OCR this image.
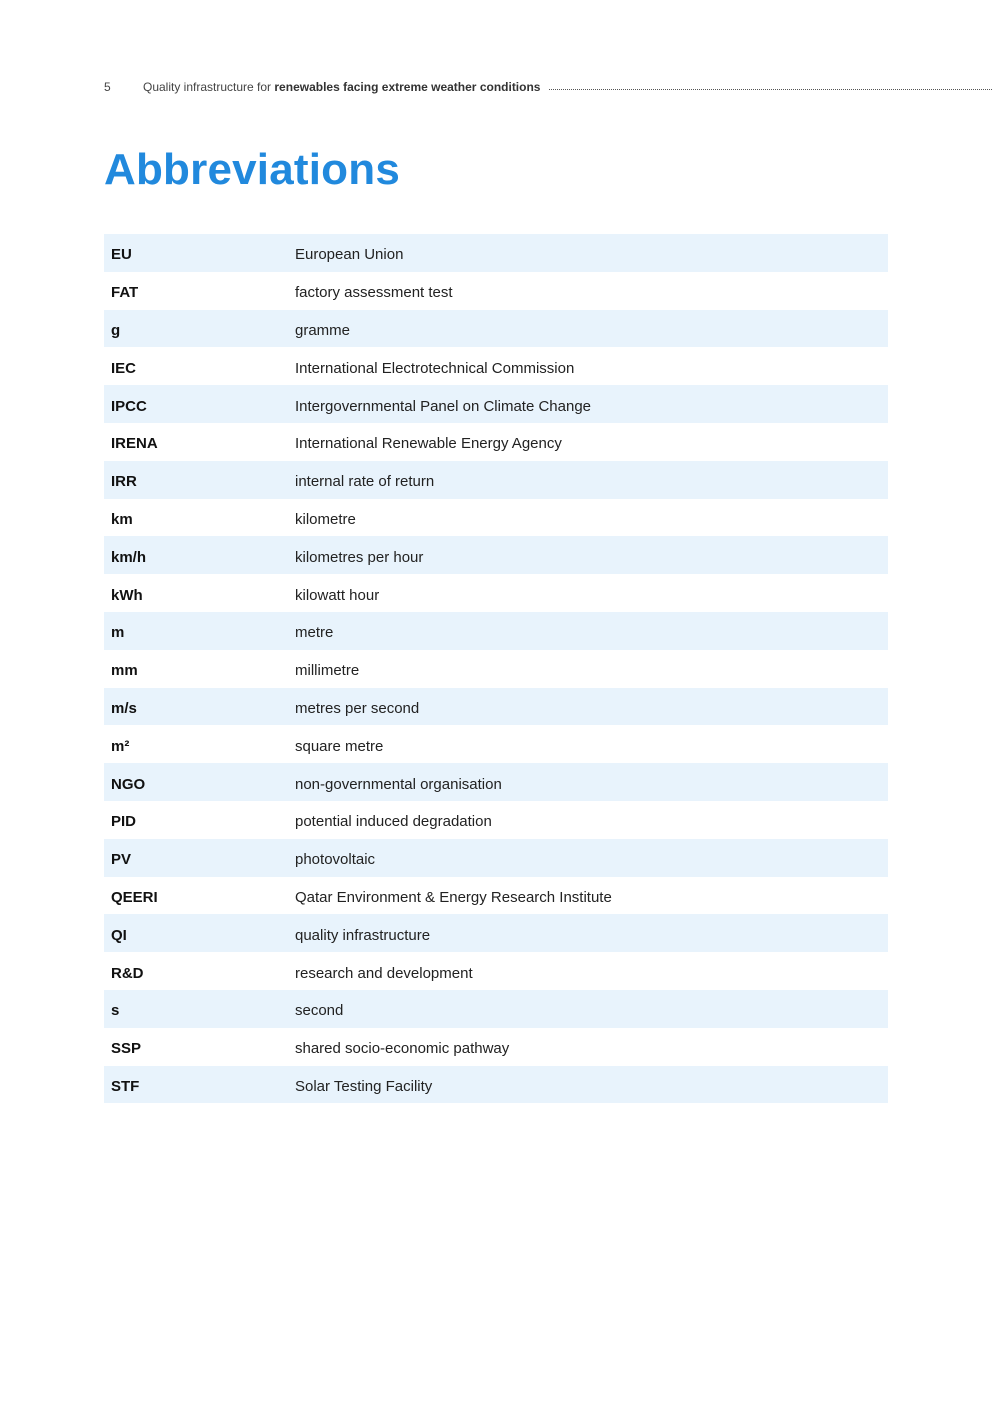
5	Quality infrastructure for renewables facing extreme weather conditions
Abbreviations
EU	European Union
FAT	factory assessment test
g	gramme
IEC	International Electrotechnical Commission
IPCC	Intergovernmental Panel on Climate Change
IRENA	International Renewable Energy Agency
IRR	internal rate of return
km	kilometre
km/h	kilometres per hour
kWh	kilowatt hour
m	metre
mm	millimetre
m/s	metres per second
m²	square metre
NGO	non-governmental organisation
PID	potential induced degradation
PV	photovoltaic
QEERI	Qatar Environment & Energy Research Institute
QI	quality infrastructure
R&D	research and development
s	second
SSP	shared socio-economic pathway
STF	Solar Testing Facility
